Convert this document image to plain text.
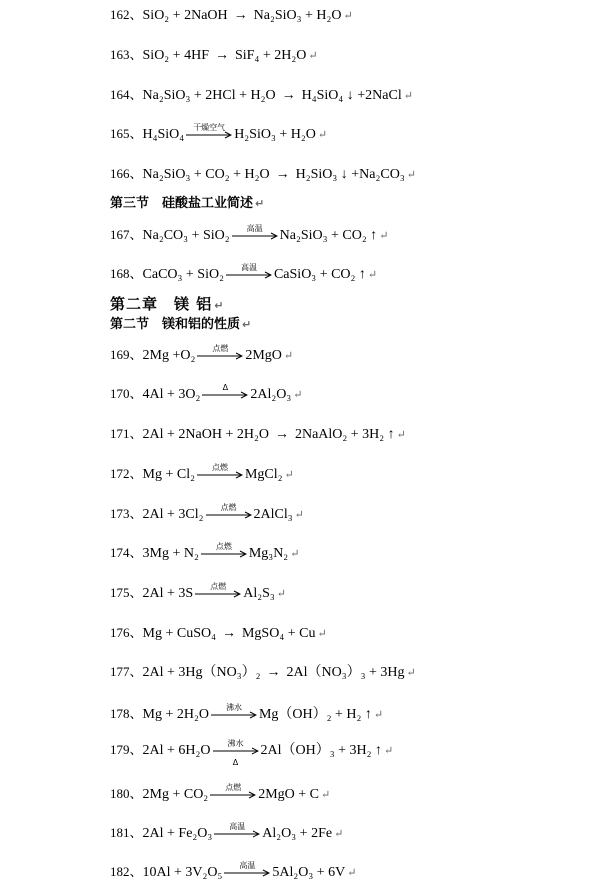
162、SiO₂ + 2NaOH → Na₂SiO₃ + H₂O ↵
163、SiO₂ + 4HF → SiF₄ + 2H₂O ↵
164、Na₂SiO₃ + 2HCl + H₂O → H₄SiO₄ ↓ +2NaCl ↵
165、H₄SiO₄	干燥空气 H₂SiO₃ + H₂O ↵
166、Na₂SiO₃ + CO₂ + H₂O → H₂SiO₃ ↓ +Na₂CO₃ ↵
第三节　硅酸盐工业简述 ↵
167、Na₂CO₃ + SiO₂	高温	Na₂SiO₃ + CO₂ ↑ ↵
168、CaCO₃ + SiO₂	高温	CaSiO₃ + CO₂ ↑ ↵
第二章　镁 铝 ↵
第二节　镁和铝的性质 ↵
169、2Mg +O₂	点燃	2MgO ↵
170、4Al + 3O₂	Δ	2Al₂O₃ ↵
171、2Al + 2NaOH + 2H₂O → 2NaAlO₂ + 3H₂ ↑ ↵
172、Mg + Cl₂	点燃	MgCl₂ ↵
173、2Al + 3Cl₂	点燃	2AlCl₃ ↵
174、3Mg + N₂	点燃	Mg₃N₂ ↵
175、2Al + 3S	点燃	Al₂S₃ ↵
176、Mg + CuSO₄ → MgSO₄ + Cu ↵
177、2Al + 3Hg（NO₃）₂ → 2Al（NO₃）₃ + 3Hg ↵
178、Mg + 2H₂O	沸水	Mg（OH）₂ + H₂ ↑ ↵
179、2Al + 6H₂O	沸水
Δ
2Al（OH）₃ + 3H₂ ↑ ↵
180、2Mg + CO₂	点燃	2MgO + C ↵
181、2Al + Fe₂O₃	高温	Al₂O₃ + 2Fe ↵
182、10Al + 3V₂O₅	高温	5Al₂O₃ + 6V ↵
